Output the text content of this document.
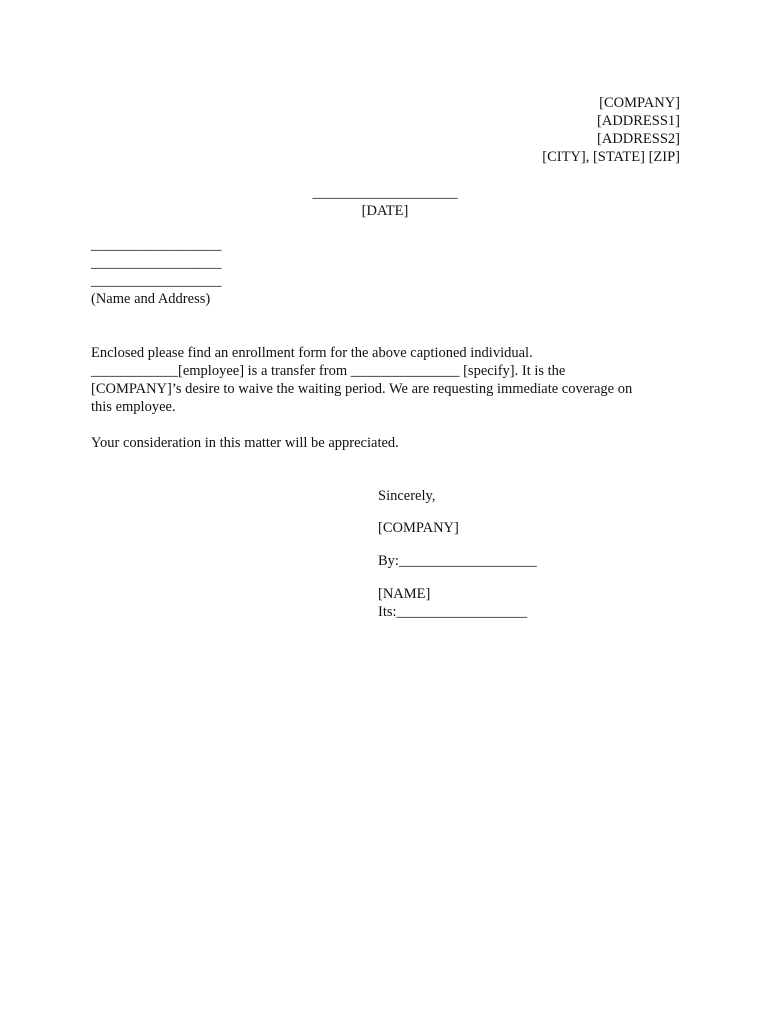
[COMPANY]
[ADDRESS1]
[ADDRESS2]
[CITY], [STATE] [ZIP]
____________________
[DATE]
__________________
__________________
__________________
(Name and Address)

Enclosed please find an enrollment form for the above captioned individual.
____________[employee] is a transfer from _______________ [specify]. It is the
[COMPANY]’s desire to waive the waiting period. We are requesting immediate coverage on
this employee.

Your consideration in this matter will be appreciated.

Sincerely,
[COMPANY]
By:___________________
[NAME]
Its:__________________
